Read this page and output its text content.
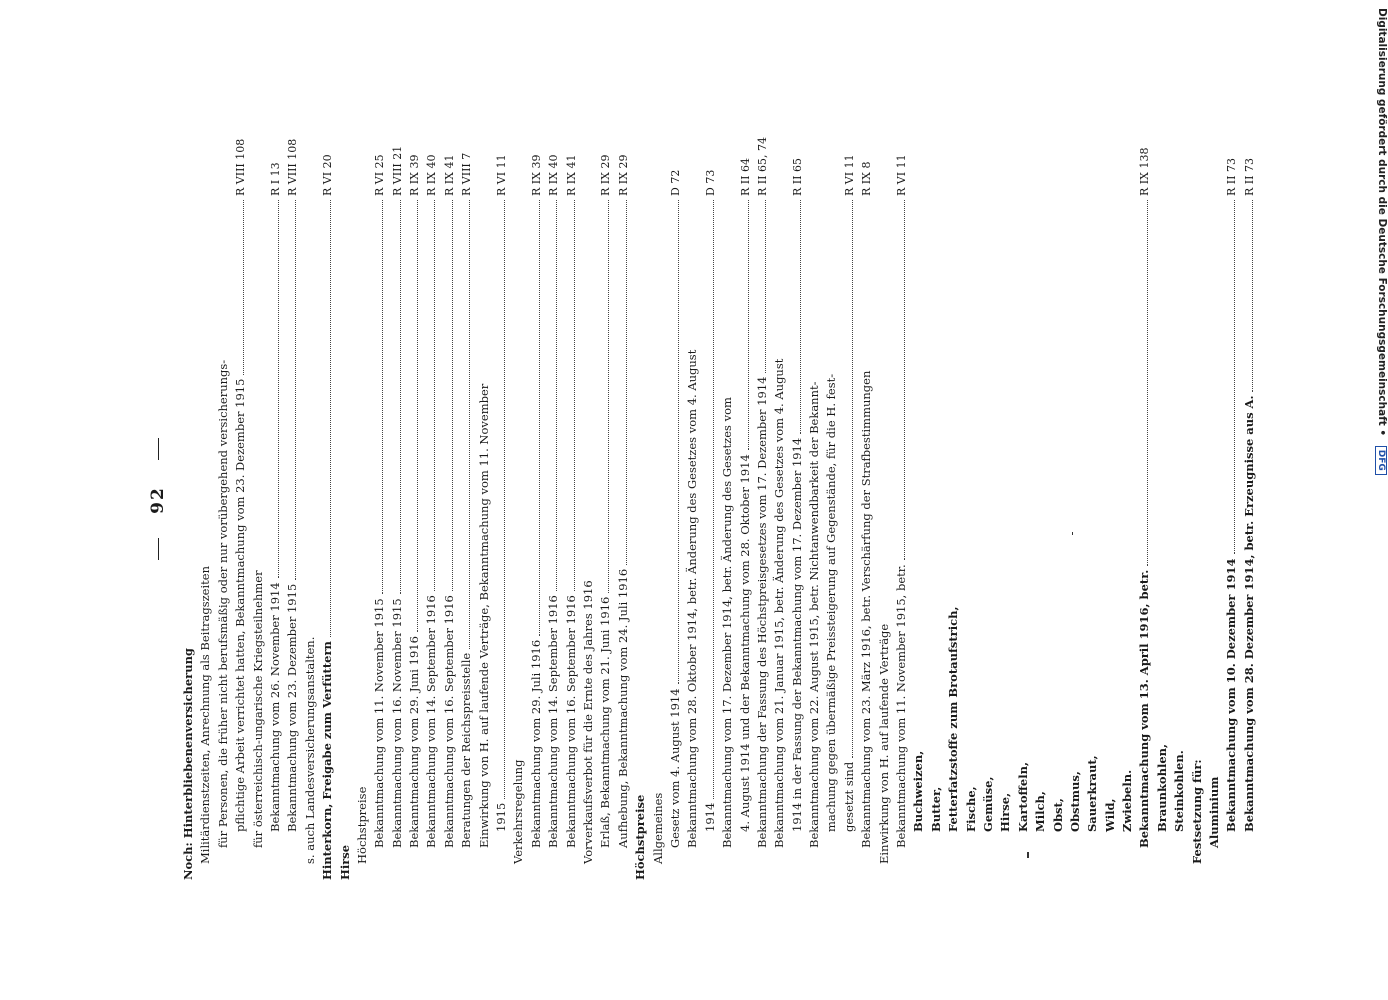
92
Noch: Hinterbliebenenversicherung Militärdienstzeiten, Anrechnung als Beitragszeiten für Personen, die früher nicht berufsmäßig oder nur vorübergehend versicherungs- pflichtige Arbeit verrichtet hatten, Bekanntmachung vom 23. Dezember 1915
R VIII 108
für österreichisch-ungarische Kriegsteilnehmer Bekanntmachung vom 26. November 1914
R I 13
Bekanntmachung vom 23. Dezember 1915
R VIII 108
s. auch Landesversicherungsanstalten. Hinterkorn, Freigabe zum Verfüttern
R VI 20
Hirse Höchstpreise Bekanntmachung vom 11. November 1915
R VI 25
Bekanntmachung vom 16. November 1915
R VIII 21
Bekanntmachung vom 29. Juni 1916
R IX 39
Bekanntmachung vom 14. September 1916
R IX 40
Bekanntmachung vom 16. September 1916
R IX 41
Beratungen der Reichspreisstelle
R VIII 7
Einwirkung von H. auf laufende Verträge, Bekanntmachung vom 11. November 1915
R VI 11
Verkehrsregelung Bekanntmachung vom 29. Juli 1916
R IX 39
Bekanntmachung vom 14. September 1916
R IX 40
Bekanntmachung vom 16. September 1916
R IX 41
Vorverkaufsverbot für die Ernte des Jahres 1916 Erlaß, Bekanntmachung vom 21. Juni 1916
R IX 29
Aufhebung, Bekanntmachung vom 24. Juli 1916
R IX 29
Höchstpreise Allgemeines Gesetz vom 4. August 1914
D 72
Bekanntmachung vom 28. Oktober 1914, betr. Änderung des Gesetzes vom 4. August 1914
D 73
Bekanntmachung vom 17. Dezember 1914, betr. Änderung des Gesetzes vom 4. August 1914 und der Bekanntmachung vom 28. Oktober 1914
R II 64
Bekanntmachung der Fassung des Höchstpreisgesetzes vom 17. Dezember 1914
R II 65, 74
Bekanntmachung vom 21. Januar 1915, betr. Änderung des Gesetzes vom 4. August 1914 in der Fassung der Bekanntmachung vom 17. Dezember 1914
R II 65
Bekanntmachung vom 22. August 1915, betr. Nichtanwendbarkeit der Bekannt- machung gegen übermäßige Preissteigerung auf Gegenstände, für die H. fest- gesetzt sind
R VI 11
Bekanntmachung vom 23. März 1916, betr. Verschärfung der Strafbestimmungen
R IX 8
Einwirkung von H. auf laufende Verträge Bekanntmachung vom 11. November 1915, betr.
R VI 11
Buchweizen, Butter, Fetterfatzstoffe zum Brotaufstrich, Fische, Gemüse, Hirse, Kartoffeln, Milch, Obst, Obstmus, Sauerkraut, Wild, Zwiebeln. Bekanntmachung vom 13. April 1916, betr.
R IX 138
Braunkohlen, Steinkohlen. Festsetzung für: Aluminium Bekanntmachung vom 10. Dezember 1914
R II 73
Bekanntmachung vom 28. Dezember 1914, betr. Erzeugnisse aus A.
R II 73	Digitalisierung gefördert durch die Deutsche Forschungsgemeinschaft • DFG
